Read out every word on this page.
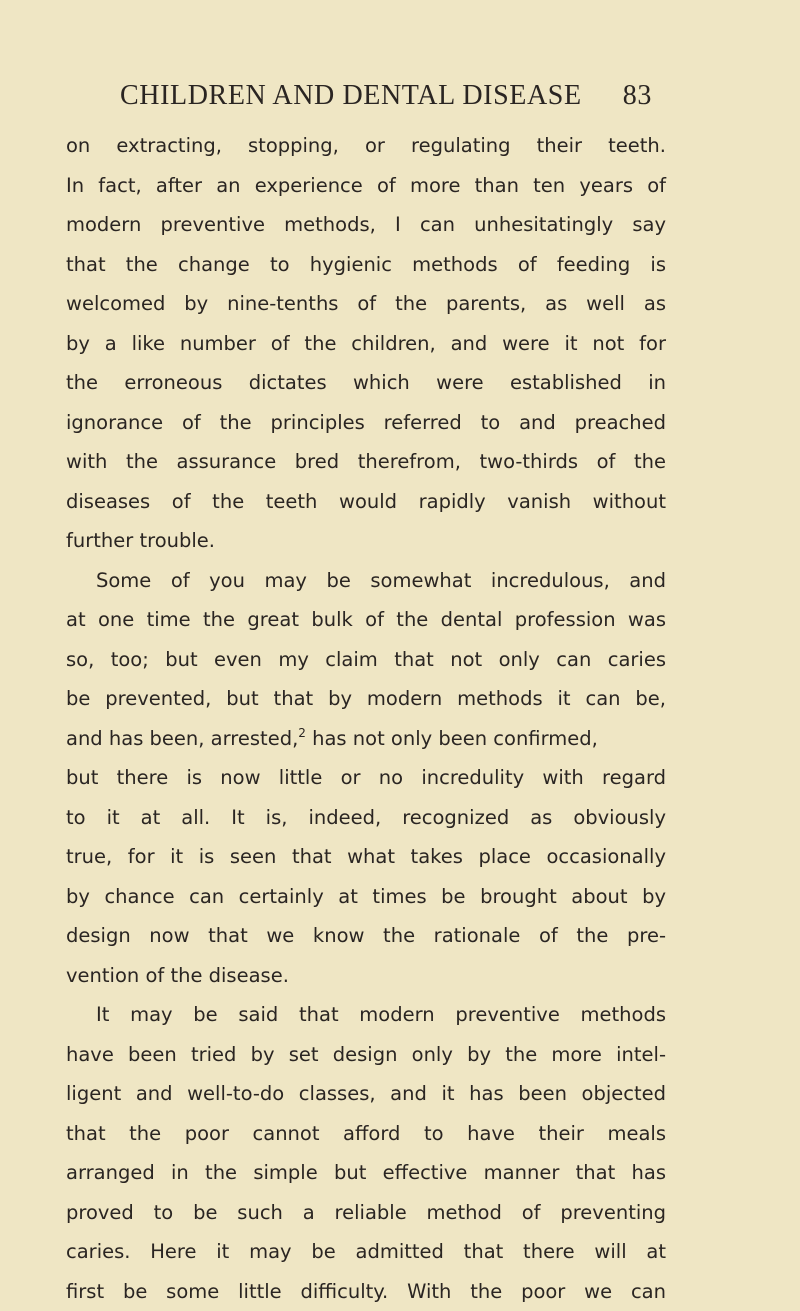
CHILDREN AND DENTAL DISEASE 83
on extracting, stopping, or regulating their teeth.
In fact, after an experience of more than ten years of
modern preventive methods, I can unhesitatingly say
that the change to hygienic methods of feeding is
welcomed by nine-tenths of the parents, as well as
by a like number of the children, and were it not for
the erroneous dictates which were established in
ignorance of the principles referred to and preached
with the assurance bred therefrom, two-thirds of the
diseases of the teeth would rapidly vanish without
further trouble.
Some of you may be somewhat incredulous, and
at one time the great bulk of the dental profession was
so, too; but even my claim that not only can caries
be prevented, but that by modern methods it can be,
and has been, arrested,$^2$ has not only been confirmed,
but there is now little or no incredulity with regard
to it at all. It is, indeed, recognized as obviously
true, for it is seen that what takes place occasionally
by chance can certainly at times be brought about by
design now that we know the rationale of the pre-
vention of the disease.
It may be said that modern preventive methods
have been tried by set design only by the more intel-
ligent and well-to-do classes, and it has been objected
that the poor cannot afford to have their meals
arranged in the simple but effective manner that has
proved to be such a reliable method of preventing
caries. Here it may be admitted that there will at
first be some little difficulty. With the poor we can
